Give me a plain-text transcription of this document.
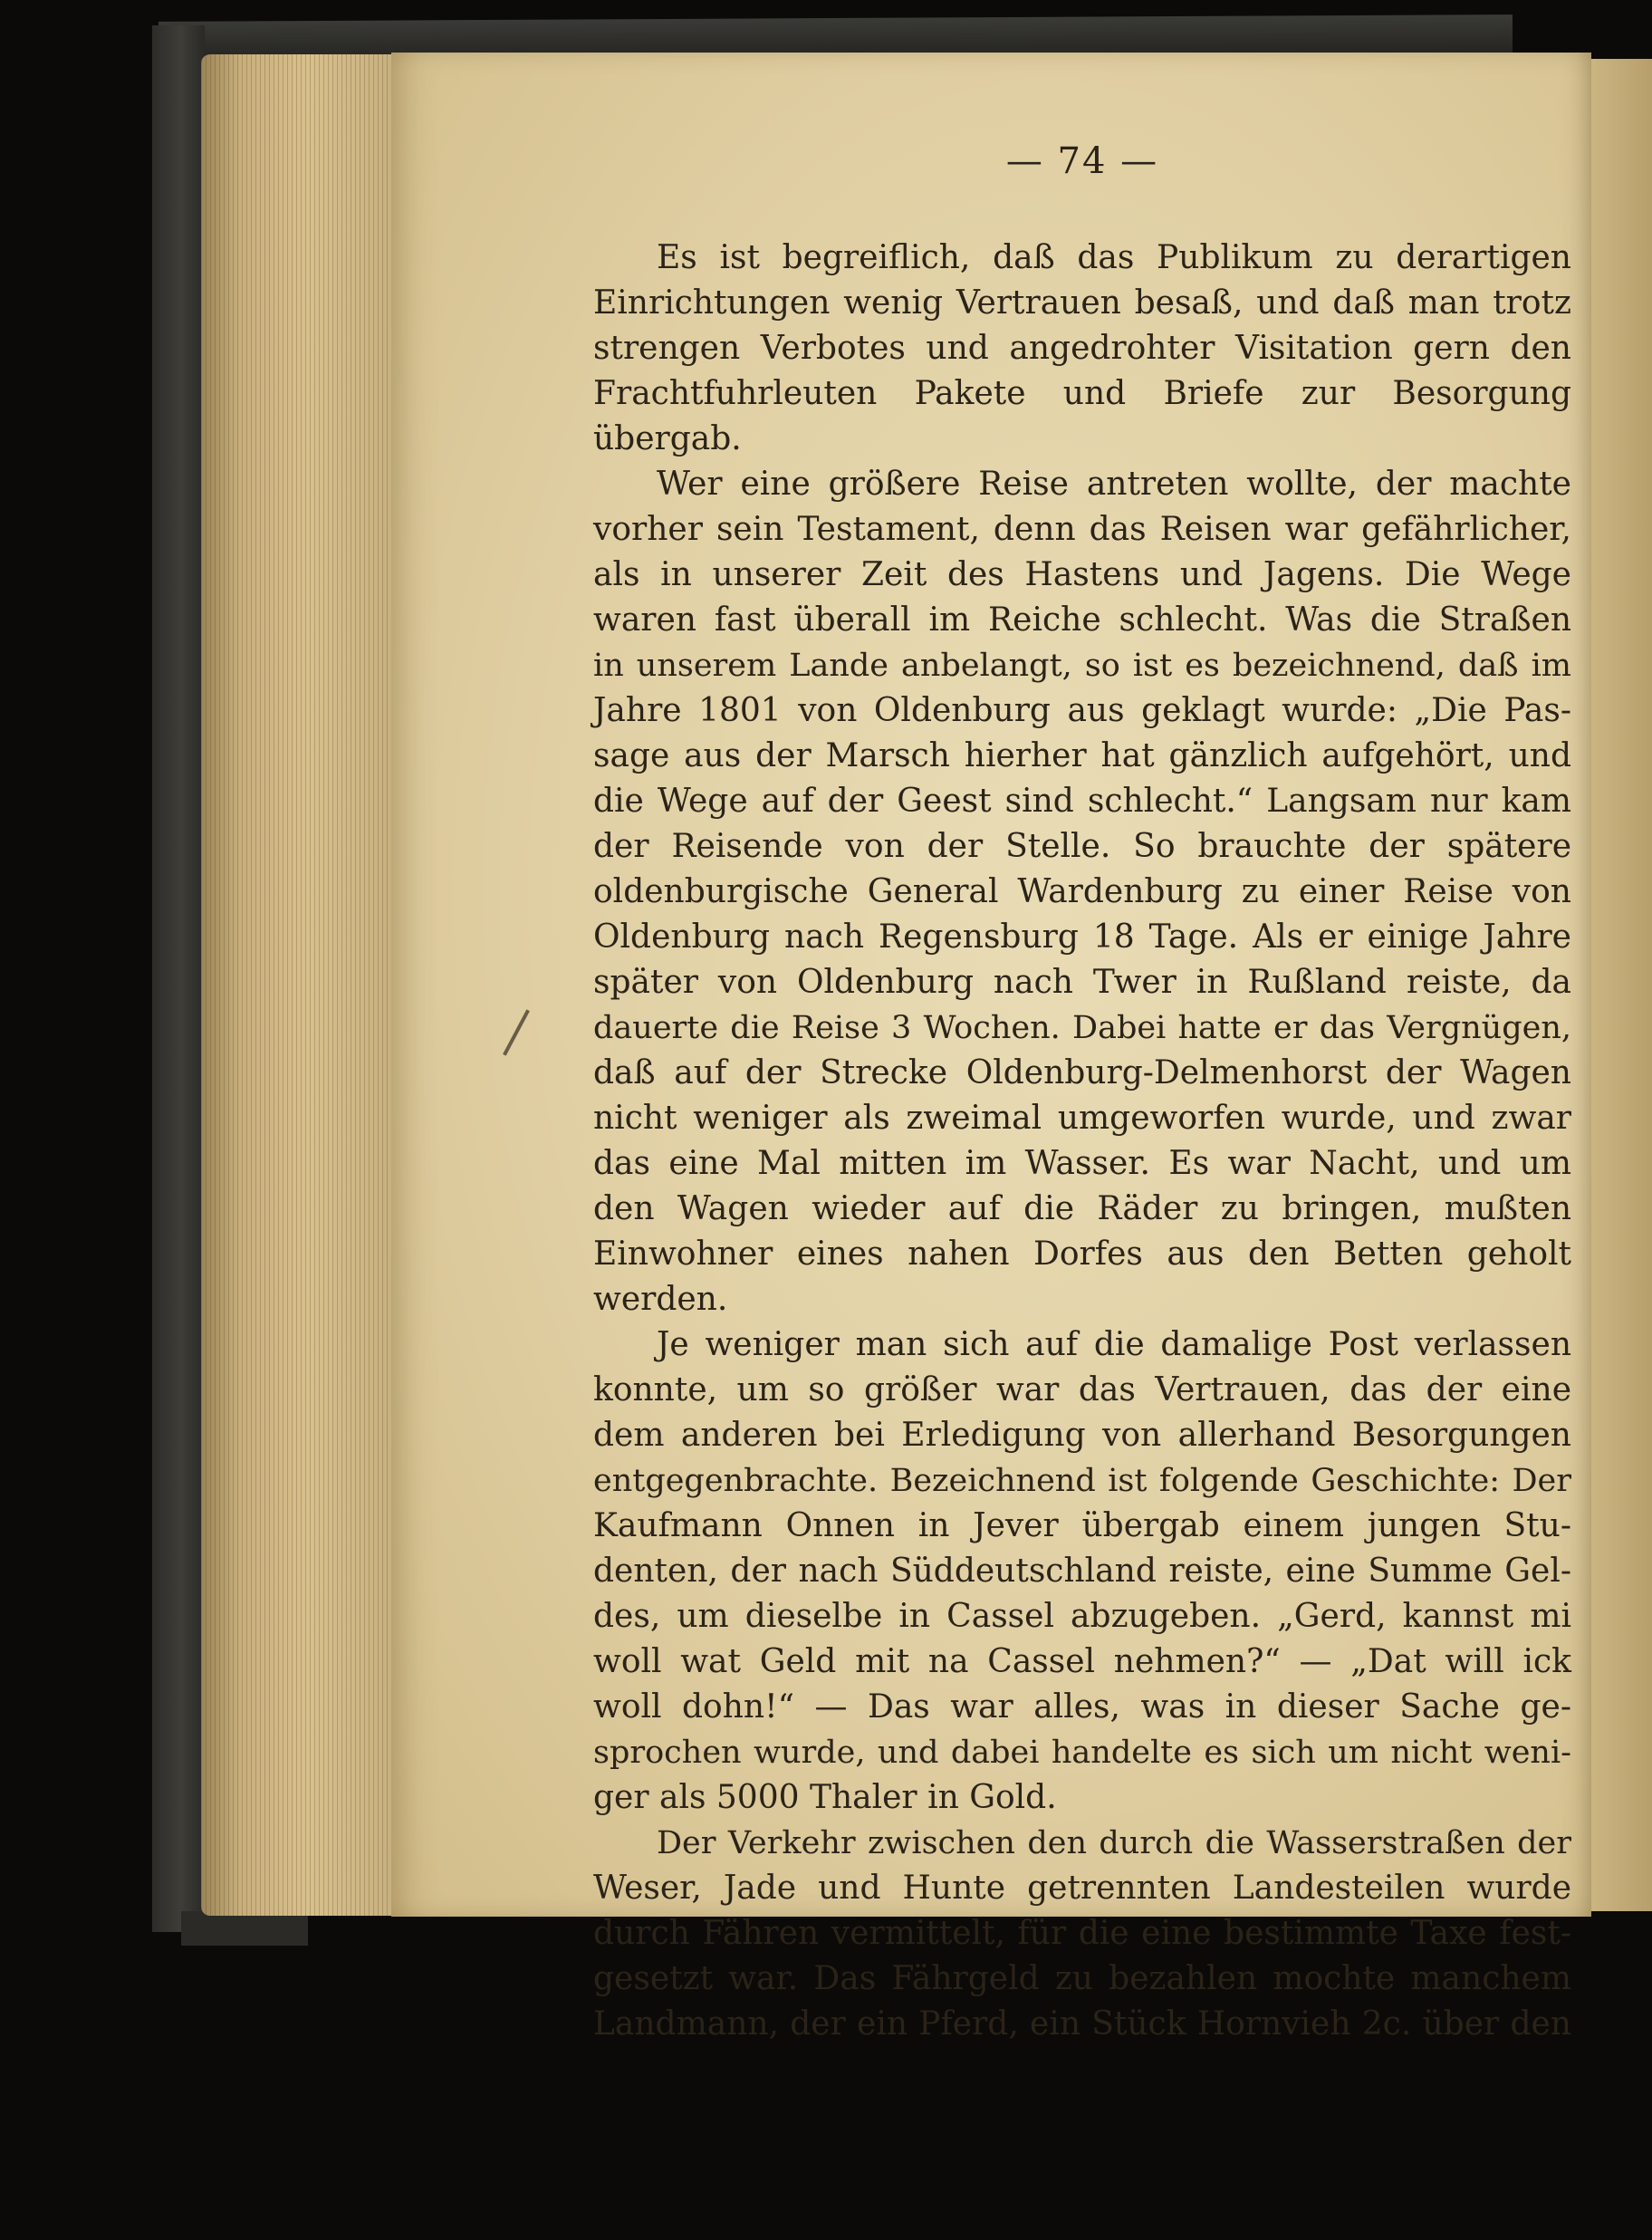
— 74 —
Es ist begreiflich, daß das Publikum zu derartigen
Einrichtungen wenig Vertrauen besaß, und daß man trotz
strengen Verbotes und angedrohter Visitation gern den
Frachtfuhrleuten Pakete und Briefe zur Besorgung
übergab.
Wer eine größere Reise antreten wollte, der machte
vorher sein Testament, denn das Reisen war gefährlicher,
als in unserer Zeit des Hastens und Jagens. Die Wege
waren fast überall im Reiche schlecht. Was die Straßen
in unserem Lande anbelangt, so ist es bezeichnend, daß im
Jahre 1801 von Oldenburg aus geklagt wurde: „Die Pas-
sage aus der Marsch hierher hat gänzlich aufgehört, und
die Wege auf der Geest sind schlecht.“ Langsam nur kam
der Reisende von der Stelle. So brauchte der spätere
oldenburgische General Wardenburg zu einer Reise von
Oldenburg nach Regensburg 18 Tage. Als er einige Jahre
später von Oldenburg nach Twer in Rußland reiste, da
dauerte die Reise 3 Wochen. Dabei hatte er das Vergnügen,
daß auf der Strecke Oldenburg-Delmenhorst der Wagen
nicht weniger als zweimal umgeworfen wurde, und zwar
das eine Mal mitten im Wasser. Es war Nacht, und um
den Wagen wieder auf die Räder zu bringen, mußten
Einwohner eines nahen Dorfes aus den Betten geholt
werden.
Je weniger man sich auf die damalige Post verlassen
konnte, um so größer war das Vertrauen, das der eine
dem anderen bei Erledigung von allerhand Besorgungen
entgegenbrachte. Bezeichnend ist folgende Geschichte: Der
Kaufmann Onnen in Jever übergab einem jungen Stu-
denten, der nach Süddeutschland reiste, eine Summe Gel-
des, um dieselbe in Cassel abzugeben. „Gerd, kannst mi
woll wat Geld mit na Cassel nehmen?“ — „Dat will ick
woll dohn!“ — Das war alles, was in dieser Sache ge-
sprochen wurde, und dabei handelte es sich um nicht weni-
ger als 5000 Thaler in Gold.
Der Verkehr zwischen den durch die Wasserstraßen der
Weser, Jade und Hunte getrennten Landesteilen wurde
durch Fähren vermittelt, für die eine bestimmte Taxe fest-
gesetzt war. Das Fährgeld zu bezahlen mochte manchem
Landmann, der ein Pferd, ein Stück Hornvieh 2c. über den
